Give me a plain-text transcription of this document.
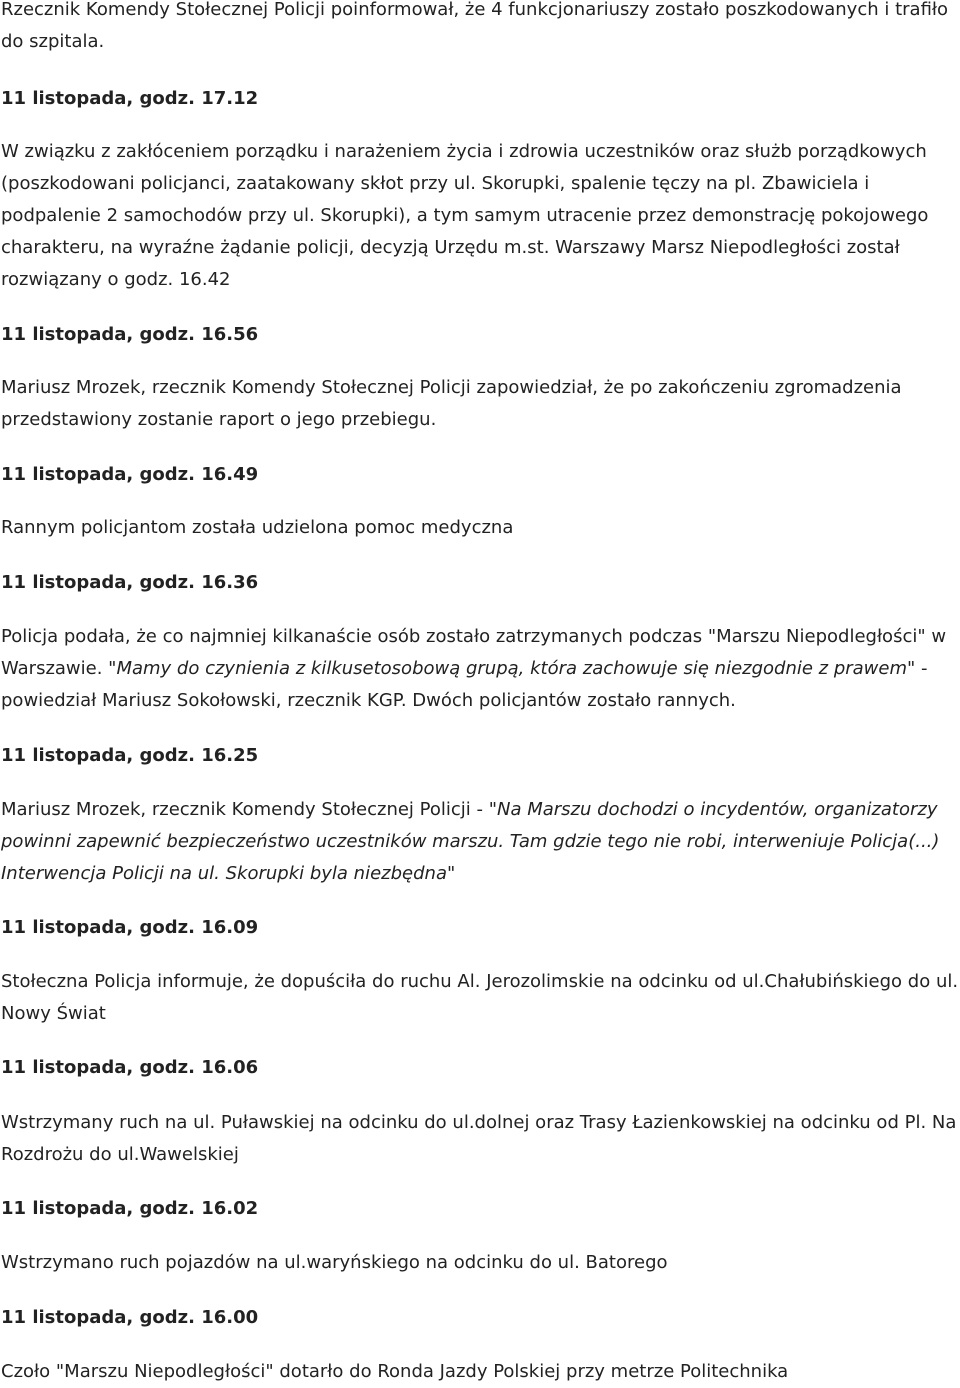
Rzecznik Komendy Stołecznej Policji poinformował, że 4 funkcjonariuszy zostało poszkodowanych i trafiło
do szpitala.

11 listopada, godz. 17.12

W związku z zakłóceniem porządku i narażeniem życia i zdrowia uczestników oraz służb porządkowych (poszkodowani policjanci, zaatakowany skłot przy ul. Skorupki, spalenie tęczy na pl. Zbawiciela i podpalenie 2 samochodów przy ul. Skorupki), a tym samym utracenie przez demonstrację pokojowego charakteru, na wyraźne żądanie policji, decyzją Urzędu m.st. Warszawy Marsz Niepodległości został rozwiązany o godz. 16.42

11 listopada, godz. 16.56

Mariusz Mrozek, rzecznik Komendy Stołecznej Policji zapowiedział, że po zakończeniu zgromadzenia przedstawiony zostanie raport o jego przebiegu.

11 listopada, godz. 16.49

Rannym policjantom została udzielona pomoc medyczna

11 listopada, godz. 16.36

Policja podała, że co najmniej kilkanaście osób zostało zatrzymanych podczas "Marszu Niepodległości" w Warszawie. "Mamy do czynienia z kilkusetosobową grupą, która zachowuje się niezgodnie z prawem" - powiedział Mariusz Sokołowski, rzecznik KGP. Dwóch policjantów zostało rannych.

11 listopada, godz. 16.25

Mariusz Mrozek, rzecznik Komendy Stołecznej Policji - "Na Marszu dochodzi o incydentów, organizatorzy powinni zapewnić bezpieczeństwo uczestników marszu. Tam gdzie tego nie robi, interweniuje Policja(...) Interwencja Policji na ul. Skorupki byla niezbędna"

11 listopada, godz. 16.09

Stołeczna Policja informuje, że dopuściła do ruchu Al. Jerozolimskie na odcinku od ul.Chałubińskiego do ul. Nowy Świat

11 listopada, godz. 16.06

Wstrzymany ruch na ul. Puławskiej na odcinku do ul.dolnej oraz Trasy Łazienkowskiej na odcinku od Pl. Na Rozdrożu do ul.Wawelskiej

11 listopada, godz. 16.02

Wstrzymano ruch pojazdów na ul.waryńskiego na odcinku do ul. Batorego

11 listopada, godz. 16.00

Czoło "Marszu Niepodległości" dotarło do Ronda Jazdy Polskiej przy metrze Politechnika
